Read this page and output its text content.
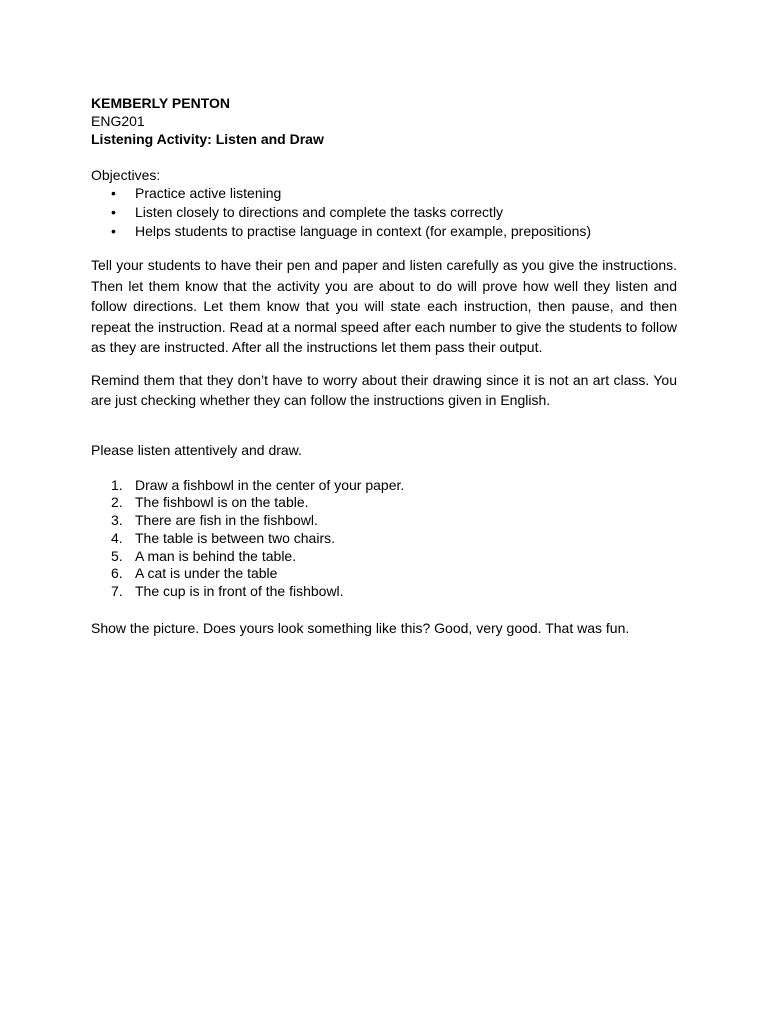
KEMBERLY PENTON

ENG201

Listening Activity: Listen and Draw

Objectives:

• Practice active listening
• Listen closely to directions and complete the tasks correctly
• Helps students to practise language in context (for example, prepositions)

Tell your students to have their pen and paper and listen carefully as you give the instructions. Then let them know that the activity you are about to do will prove how well they listen and follow directions. Let them know that you will state each instruction, then pause, and then repeat the instruction. Read at a normal speed after each number to give the students to follow as they are instructed. After all the instructions let them pass their output.

Remind them that they don’t have to worry about their drawing since it is not an art class. You are just checking whether they can follow the instructions given in English.

Please listen attentively and draw.

1. Draw a fishbowl in the center of your paper.
2. The fishbowl is on the table.
3. There are fish in the fishbowl.
4. The table is between two chairs.
5. A man is behind the table.
6. A cat is under the table
7. The cup is in front of the fishbowl.

Show the picture. Does yours look something like this? Good, very good. That was fun.
